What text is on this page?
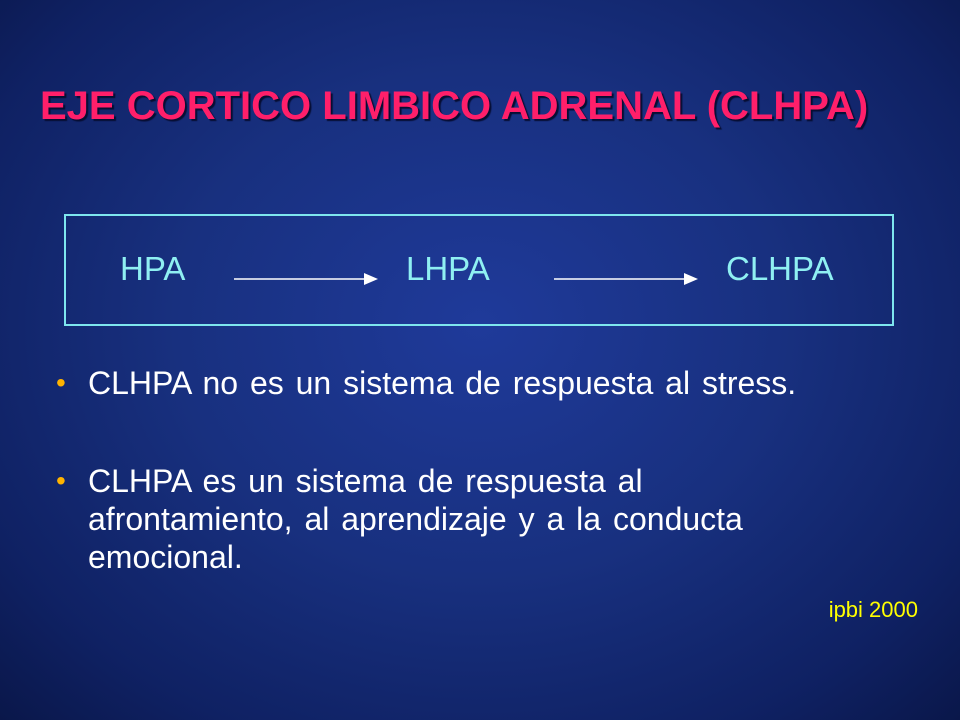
EJE CORTICO LIMBICO ADRENAL (CLHPA)
HPA	LHPA	CLHPA
• CLHPA no es un sistema de respuesta al stress.
• CLHPA es un sistema de respuesta al afrontamiento, al aprendizaje y a la conducta emocional.
ipbi 2000
